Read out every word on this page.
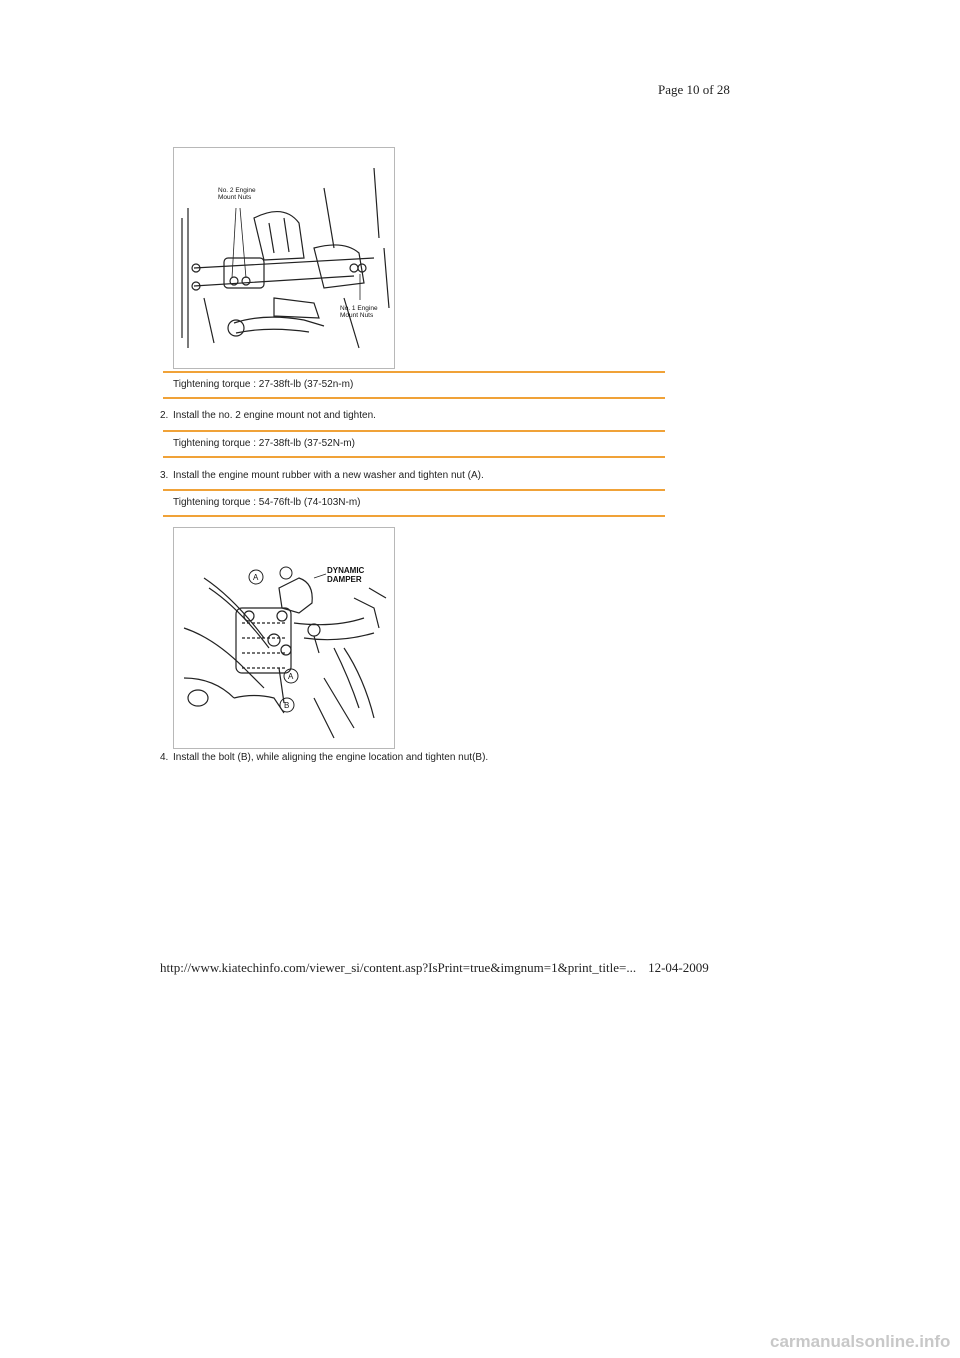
Page 10 of 28
No. 2 Engine
Mount Nuts
No. 1 Engine
Mount Nuts
Tightening torque : 27-38ft-lb (37-52n-m)
2. Install the no. 2 engine mount not and tighten.
Tightening torque : 27-38ft-lb (37-52N-m)
3. Install the engine mount rubber with a new washer and tighten nut (A).
Tightening torque : 54-76ft-lb (74-103N-m)
A
A
B
DYNAMIC
DAMPER
4. Install the bolt (B), while aligning the engine location and tighten nut(B).
http://www.kiatechinfo.com/viewer_si/content.asp?IsPrint=true&imgnum=1&print_title=... 12-04-2009
carmanualsonline.info
